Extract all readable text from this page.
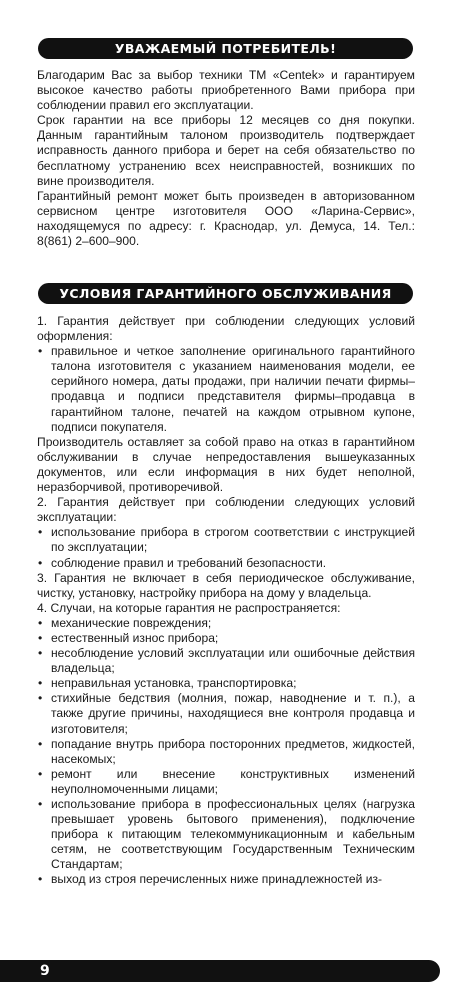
УВАЖАЕМЫЙ ПОТРЕБИТЕЛЬ!

Благодарим Вас за выбор техники ТМ «Centek» и гарантируем высокое качество работы приобретенного Вами прибора при соблюдении правил его эксплуатации.

Срок гарантии на все приборы 12 месяцев со дня покупки. Данным гарантийным талоном производитель подтверждает исправность данного прибора и берет на себя обязательство по бесплатному устранению всех неисправностей, возникших по вине производителя.

Гарантийный ремонт может быть произведен в авторизованном сервисном центре изготовителя ООО «Ларина-Сервис», находящемуся по адресу: г. Краснодар, ул. Демуса, 14. Тел.: 8(861) 2–600–900.

УСЛОВИЯ ГАРАНТИЙНОГО ОБСЛУЖИВАНИЯ

1. Гарантия действует при соблюдении следующих условий оформления:

• правильное и четкое заполнение оригинального гарантийного талона изготовителя с указанием наименования модели, ее серийного номера, даты продажи, при наличии печати фирмы–продавца и подписи представителя фирмы–продавца в гарантийном талоне, печатей на каждом отрывном купоне, подписи покупателя.

Производитель оставляет за собой право на отказ в гарантийном обслуживании в случае непредоставления вышеуказанных документов, или если информация в них будет неполной, неразборчивой, противоречивой.

2. Гарантия действует при соблюдении следующих условий эксплуатации:

• использование прибора в строгом соответствии с инструкцией по эксплуатации;
• соблюдение правил и требований безопасности.

3. Гарантия не включает в себя периодическое обслуживание, чистку, установку, настройку прибора на дому у владельца.

4. Случаи, на которые гарантия не распространяется:

• механические повреждения;
• естественный износ прибора;
• несоблюдение условий эксплуатации или ошибочные действия владельца;
• неправильная установка, транспортировка;
• стихийные бедствия (молния, пожар, наводнение и т. п.), а также другие причины, находящиеся вне контроля продавца и изготовителя;
• попадание внутрь прибора посторонних предметов, жидкостей, насекомых;
• ремонт или внесение конструктивных изменений неуполномоченными лицами;
• использование прибора в профессиональных целях (нагрузка превышает уровень бытового применения), подключение прибора к питающим телекоммуникационным и кабельным сетям, не соответствующим Государственным Техническим Стандартам;
• выход из строя перечисленных ниже принадлежностей из-
9
